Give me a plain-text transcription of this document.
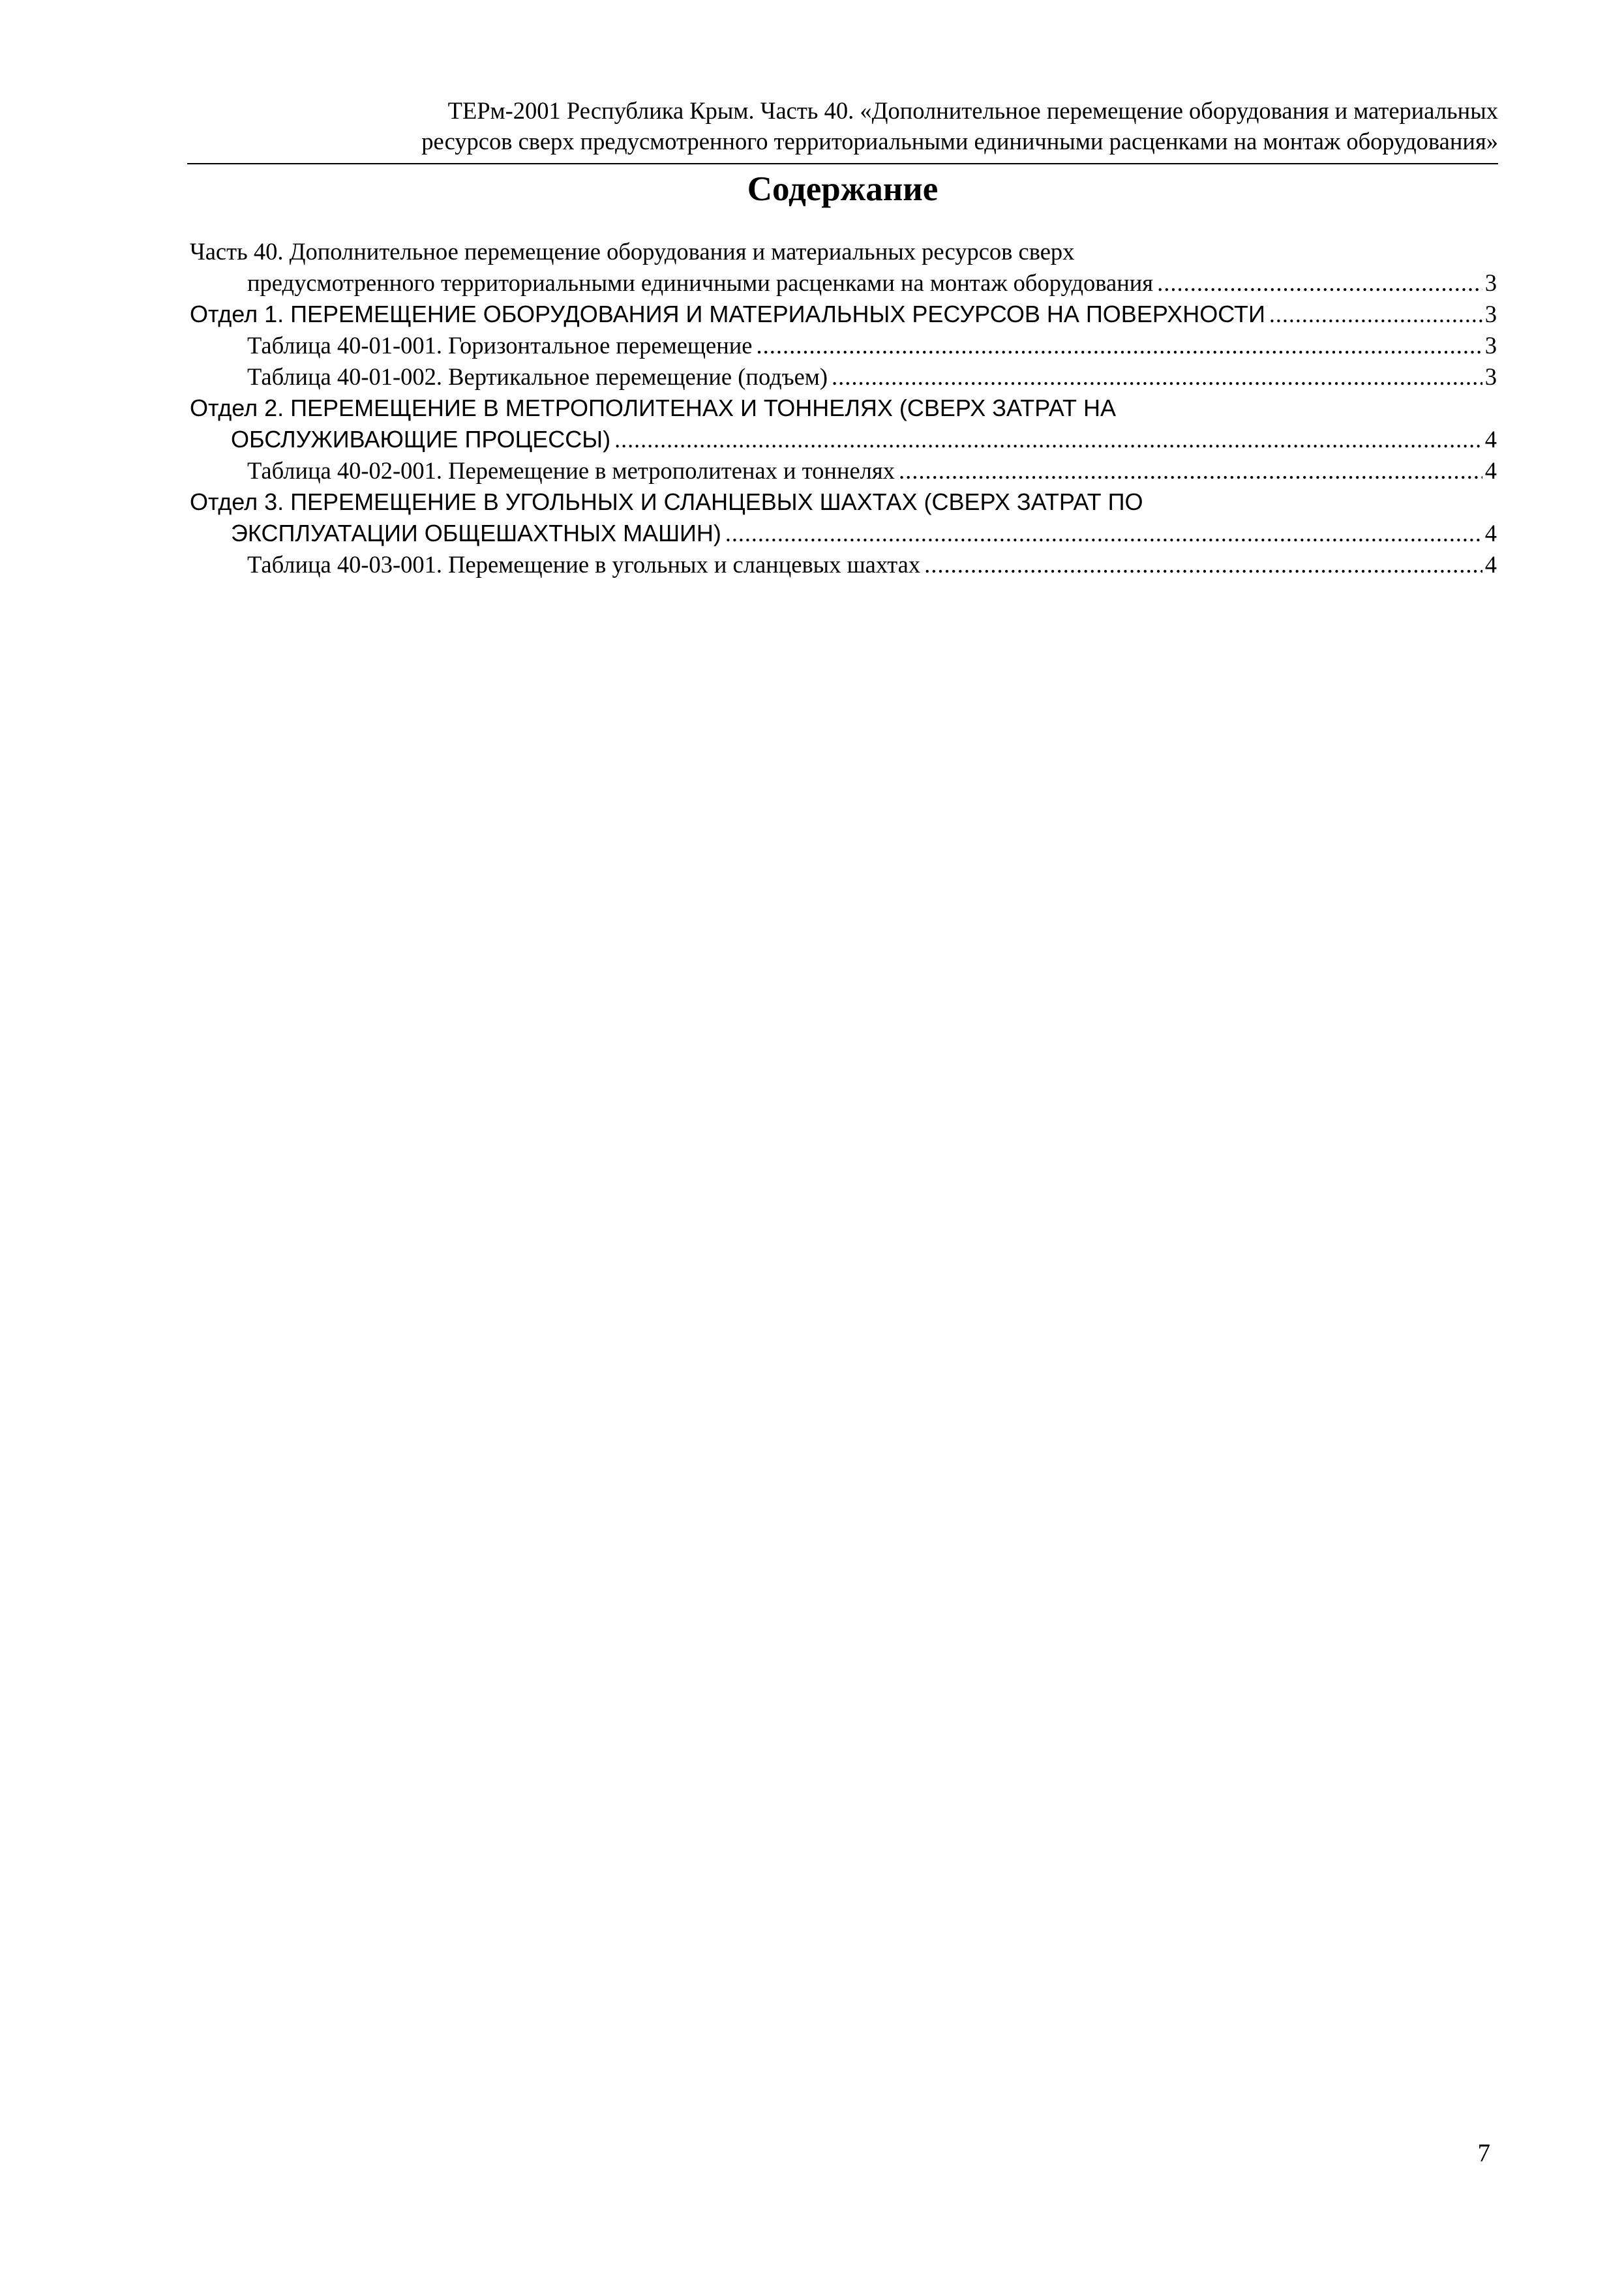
ТЕРм-2001 Республика Крым. Часть 40. «Дополнительное перемещение оборудования и материальных
ресурсов сверх предусмотренного территориальными единичными расценками на монтаж оборудования»
Содержание
Часть 40. Дополнительное перемещение оборудования и материальных ресурсов сверх
предусмотренного территориальными единичными расценками на монтаж оборудования .....	3
Отдел 1. ПЕРЕМЕЩЕНИЕ ОБОРУДОВАНИЯ И МАТЕРИАЛЬНЫХ РЕСУРСОВ НА ПОВЕРХНОСТИ .....	3
Таблица 40-01-001. Горизонтальное перемещение .....	3
Таблица 40-01-002. Вертикальное перемещение (подъем) .....	3
Отдел 2. ПЕРЕМЕЩЕНИЕ В МЕТРОПОЛИТЕНАХ И ТОННЕЛЯХ (СВЕРХ ЗАТРАТ НА
ОБСЛУЖИВАЮЩИЕ ПРОЦЕССЫ) .....	4
Таблица 40-02-001. Перемещение в метрополитенах и тоннелях .....	4
Отдел 3. ПЕРЕМЕЩЕНИЕ В УГОЛЬНЫХ И СЛАНЦЕВЫХ ШАХТАХ (СВЕРХ ЗАТРАТ ПО
ЭКСПЛУАТАЦИИ ОБЩЕШАХТНЫХ МАШИН) .....	4
Таблица 40-03-001. Перемещение в угольных и сланцевых шахтах .....	4
7
